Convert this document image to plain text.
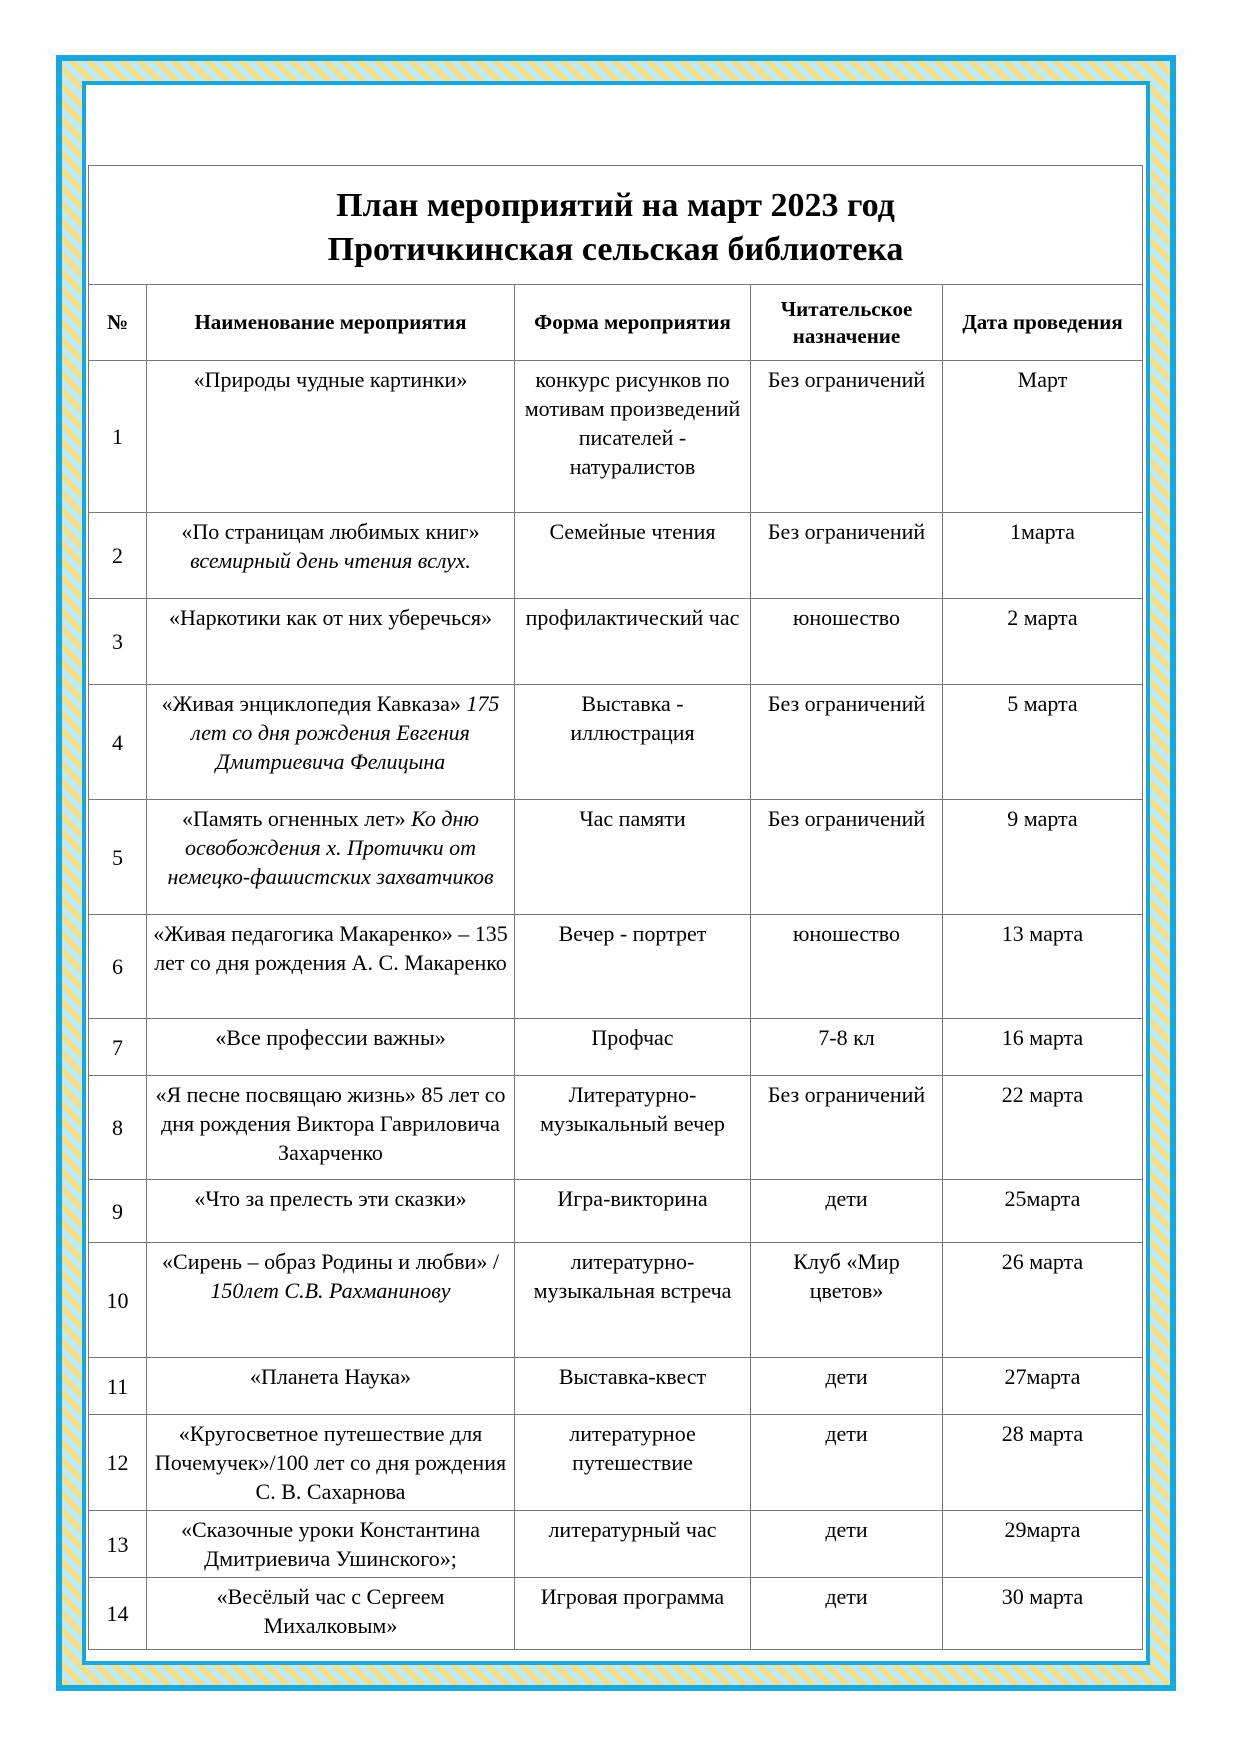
План мероприятий на март 2023 год
Протичкинская сельская библиотека				

№	Наименование мероприятия	Форма мероприятия	Читательское назначение	Дата проведения
1	«Природы чудные картинки»	конкурс рисунков по мотивам произведений писателей - натуралистов	Без ограничений	Март
2	«По страницам любимых книг» всемирный день чтения вслух.	Семейные чтения	Без ограничений	1марта
3	«Наркотики как от них уберечься»	профилактический час	юношество	2 марта
4	«Живая энциклопедия Кавказа» 175 лет со дня рождения Евгения Дмитриевича Фелицына	Выставка - иллюстрация	Без ограничений	5 марта
5	«Память огненных лет» Ко дню освобождения х. Протички от немецко-фашистских захватчиков	Час памяти	Без ограничений	9 марта
6	«Живая педагогика Макаренко» – 135 лет со дня рождения А. С. Макаренко	Вечер - портрет	юношество	13 марта
7	«Все профессии важны»	Профчас	7-8 кл	16 марта
8	«Я песне посвящаю жизнь» 85 лет со дня рождения Виктора Гавриловича Захарченко	Литературно-музыкальный вечер	Без ограничений	22 марта
9	«Что за прелесть эти сказки»	Игра-викторина	дети	25марта
10	«Сирень – образ Родины и любви» / 150лет С.В. Рахманинову	литературно-музыкальная встреча	Клуб «Мир цветов»	26 марта
11	«Планета Наука»	Выставка-квест	дети	27марта
12	«Кругосветное путешествие для Почемучек»/100 лет со дня рождения С. В. Сахарнова	литературное путешествие	дети	28 марта
13	«Сказочные уроки Константина Дмитриевича Ушинского»;	литературный час	дети	29марта
14	«Весёлый час с Сергеем Михалковым»	Игровая программа	дети	30 марта
